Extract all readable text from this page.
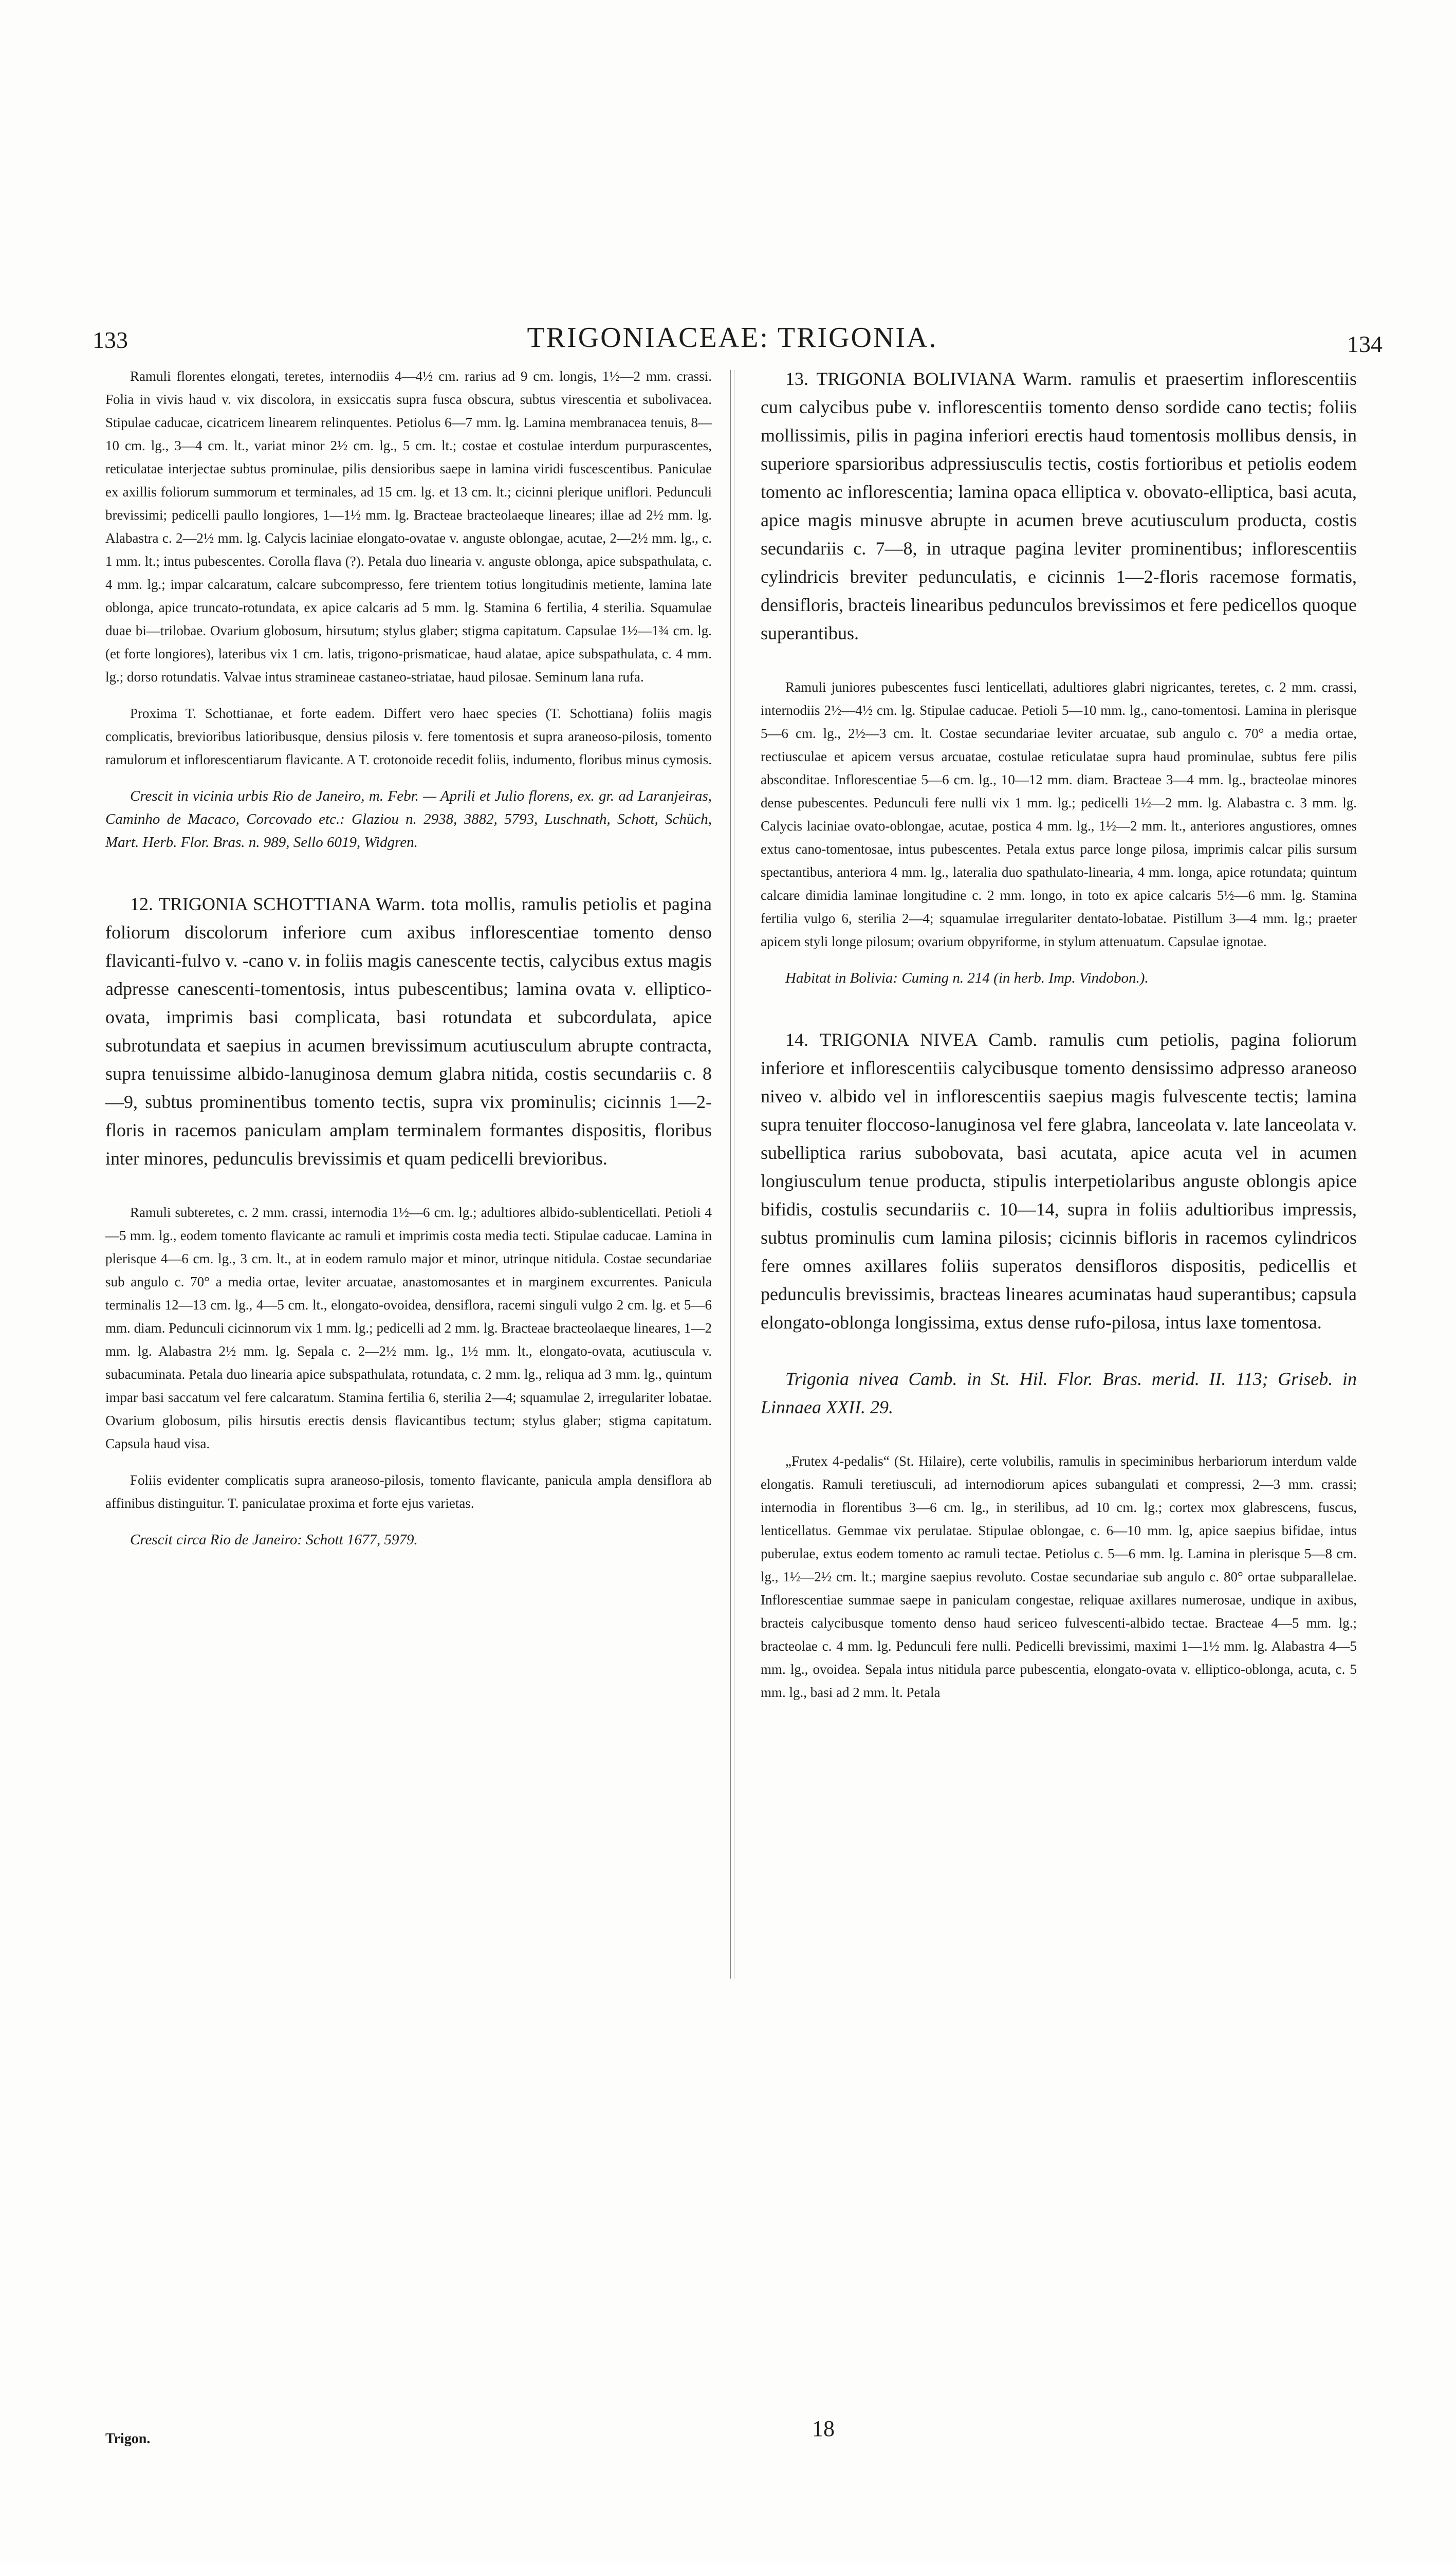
133	TRIGONIACEAE: TRIGONIA.	134

Ramuli florentes elongati, teretes, internodiis 4—4½ cm. rarius ad 9 cm. longis, 1½—2 mm. crassi. Folia in vivis haud v. vix discolora, in exsiccatis supra fusca obscura, subtus virescentia et subolivacea. Stipulae caducae, cicatricem linearem relinquentes. Petiolus 6—7 mm. lg. Lamina membranacea tenuis, 8—10 cm. lg., 3—4 cm. lt., variat minor 2½ cm. lg., 5 cm. lt.; costae et costulae interdum purpurascentes, reticulatae interjectae subtus prominulae, pilis densioribus saepe in lamina viridi fuscescentibus. Paniculae ex axillis foliorum summorum et terminales, ad 15 cm. lg. et 13 cm. lt.; cicinni plerique uniflori. Pedunculi brevissimi; pedicelli paullo longiores, 1—1½ mm. lg. Bracteae bracteolaeque lineares; illae ad 2½ mm. lg. Alabastra c. 2—2½ mm. lg. Calycis laciniae elongato-ovatae v. anguste oblongae, acutae, 2—2½ mm. lg., c. 1 mm. lt.; intus pubescentes. Corolla flava (?). Petala duo linearia v. anguste oblonga, apice subspathulata, c. 4 mm. lg.; impar calcaratum, calcare subcompresso, fere trientem totius longitudinis metiente, lamina late oblonga, apice truncato-rotundata, ex apice calcaris ad 5 mm. lg. Stamina 6 fertilia, 4 sterilia. Squamulae duae bi—trilobae. Ovarium globosum, hirsutum; stylus glaber; stigma capitatum. Capsulae 1½—1¾ cm. lg. (et forte longiores), lateribus vix 1 cm. latis, trigono-prismaticae, haud alatae, apice subspathulata, c. 4 mm. lg.; dorso rotundatis. Valvae intus stramineae castaneo-striatae, haud pilosae. Seminum lana rufa.

Proxima T. Schottianae, et forte eadem. Differt vero haec species (T. Schottiana) foliis magis complicatis, brevioribus latioribusque, densius pilosis v. fere tomentosis et supra araneoso-pilosis, tomento ramulorum et inflorescentiarum flavicante. A T. crotonoide recedit foliis, indumento, floribus minus cymosis.

Crescit in vicinia urbis Rio de Janeiro, m. Febr. — Aprili et Julio florens, ex. gr. ad Laranjeiras, Caminho de Macaco, Corcovado etc.: Glaziou n. 2938, 3882, 5793, Luschnath, Schott, Schüch, Mart. Herb. Flor. Bras. n. 989, Sello 6019, Widgren.

12. TRIGONIA SCHOTTIANA Warm. tota mollis, ramulis petiolis et pagina foliorum discolorum inferiore cum axibus inflorescentiae tomento denso flavicanti-fulvo v. -cano v. in foliis magis canescente tectis, calycibus extus magis adpresse canescenti-tomentosis, intus pubescentibus; lamina ovata v. elliptico-ovata, imprimis basi complicata, basi rotundata et subcordulata, apice subrotundata et saepius in acumen brevissimum acutiusculum abrupte contracta, supra tenuissime albido-lanuginosa demum glabra nitida, costis secundariis c. 8—9, subtus prominentibus tomento tectis, supra vix prominulis; cicinnis 1—2-floris in racemos paniculam amplam terminalem formantes dispositis, floribus inter minores, pedunculis brevissimis et quam pedicelli brevioribus.

Ramuli subteretes, c. 2 mm. crassi, internodia 1½—6 cm. lg.; adultiores albido-sublenticellati. Petioli 4—5 mm. lg., eodem tomento flavicante ac ramuli et imprimis costa media tecti. Stipulae caducae. Lamina in plerisque 4—6 cm. lg., 3 cm. lt., at in eodem ramulo major et minor, utrinque nitidula. Costae secundariae sub angulo c. 70° a media ortae, leviter arcuatae, anastomosantes et in marginem excurrentes. Panicula terminalis 12—13 cm. lg., 4—5 cm. lt., elongato-ovoidea, densiflora, racemi singuli vulgo 2 cm. lg. et 5—6 mm. diam. Pedunculi cicinnorum vix 1 mm. lg.; pedicelli ad 2 mm. lg. Bracteae bracteolaeque lineares, 1—2 mm. lg. Alabastra 2½ mm. lg. Sepala c. 2—2½ mm. lg., 1½ mm. lt., elongato-ovata, acutiuscula v. subacuminata. Petala duo linearia apice subspathulata, rotundata, c. 2 mm. lg., reliqua ad 3 mm. lg., quintum impar basi saccatum vel fere calcaratum. Stamina fertilia 6, sterilia 2—4; squamulae 2, irregulariter lobatae. Ovarium globosum, pilis hirsutis erectis densis flavicantibus tectum; stylus glaber; stigma capitatum. Capsula haud visa.

Foliis evidenter complicatis supra araneoso-pilosis, tomento flavicante, panicula ampla densiflora ab affinibus distinguitur. T. paniculatae proxima et forte ejus varietas.

Crescit circa Rio de Janeiro: Schott 1677, 5979.

13. TRIGONIA BOLIVIANA Warm. ramulis et praesertim inflorescentiis cum calycibus pube v. inflorescentiis tomento denso sordide cano tectis; foliis mollissimis, pilis in pagina inferiori erectis haud tomentosis mollibus densis, in superiore sparsioribus adpressiusculis tectis, costis fortioribus et petiolis eodem tomento ac inflorescentia; lamina opaca elliptica v. obovato-elliptica, basi acuta, apice magis minusve abrupte in acumen breve acutiusculum producta, costis secundariis c. 7—8, in utraque pagina leviter prominentibus; inflorescentiis cylindricis breviter pedunculatis, e cicinnis 1—2-floris racemose formatis, densifloris, bracteis linearibus pedunculos brevissimos et fere pedicellos quoque superantibus.

Ramuli juniores pubescentes fusci lenticellati, adultiores glabri nigricantes, teretes, c. 2 mm. crassi, internodiis 2½—4½ cm. lg. Stipulae caducae. Petioli 5—10 mm. lg., cano-tomentosi. Lamina in plerisque 5—6 cm. lg., 2½—3 cm. lt. Costae secundariae leviter arcuatae, sub angulo c. 70° a media ortae, rectiusculae et apicem versus arcuatae, costulae reticulatae supra haud prominulae, subtus fere pilis absconditae. Inflorescentiae 5—6 cm. lg., 10—12 mm. diam. Bracteae 3—4 mm. lg., bracteolae minores dense pubescentes. Pedunculi fere nulli vix 1 mm. lg.; pedicelli 1½—2 mm. lg. Alabastra c. 3 mm. lg. Calycis laciniae ovato-oblongae, acutae, postica 4 mm. lg., 1½—2 mm. lt., anteriores angustiores, omnes extus cano-tomentosae, intus pubescentes. Petala extus parce longe pilosa, imprimis calcar pilis sursum spectantibus, anteriora 4 mm. lg., lateralia duo spathulato-linearia, 4 mm. longa, apice rotundata; quintum calcare dimidia laminae longitudine c. 2 mm. longo, in toto ex apice calcaris 5½—6 mm. lg. Stamina fertilia vulgo 6, sterilia 2—4; squamulae irregulariter dentato-lobatae. Pistillum 3—4 mm. lg.; praeter apicem styli longe pilosum; ovarium obpyriforme, in stylum attenuatum. Capsulae ignotae.

Habitat in Bolivia: Cuming n. 214 (in herb. Imp. Vindobon.).

14. TRIGONIA NIVEA Camb. ramulis cum petiolis, pagina foliorum inferiore et inflorescentiis calycibusque tomento densissimo adpresso araneoso niveo v. albido vel in inflorescentiis saepius magis fulvescente tectis; lamina supra tenuiter floccoso-lanuginosa vel fere glabra, lanceolata v. late lanceolata v. subelliptica rarius subobovata, basi acutata, apice acuta vel in acumen longiusculum tenue producta, stipulis interpetiolaribus anguste oblongis apice bifidis, costulis secundariis c. 10—14, supra in foliis adultioribus impressis, subtus prominulis cum lamina pilosis; cicinnis bifloris in racemos cylindricos fere omnes axillares foliis superatos densifloros dispositis, pedicellis et pedunculis brevissimis, bracteas lineares acuminatas haud superantibus; capsula elongato-oblonga longissima, extus dense rufo-pilosa, intus laxe tomentosa.

Trigonia nivea Camb. in St. Hil. Flor. Bras. merid. II. 113; Griseb. in Linnaea XXII. 29.

„Frutex 4-pedalis“ (St. Hilaire), certe volubilis, ramulis in speciminibus herbariorum interdum valde elongatis. Ramuli teretiusculi, ad internodiorum apices subangulati et compressi, 2—3 mm. crassi; internodia in florentibus 3—6 cm. lg., in sterilibus, ad 10 cm. lg.; cortex mox glabrescens, fuscus, lenticellatus. Gemmae vix perulatae. Stipulae oblongae, c. 6—10 mm. lg, apice saepius bifidae, intus puberulae, extus eodem tomento ac ramuli tectae. Petiolus c. 5—6 mm. lg. Lamina in plerisque 5—8 cm. lg., 1½—2½ cm. lt.; margine saepius revoluto. Costae secundariae sub angulo c. 80° ortae subparallelae. Inflorescentiae summae saepe in paniculam congestae, reliquae axillares numerosae, undique in axibus, bracteis calycibusque tomento denso haud sericeo fulvescenti-albido tectae. Bracteae 4—5 mm. lg.; bracteolae c. 4 mm. lg. Pedunculi fere nulli. Pedicelli brevissimi, maximi 1—1½ mm. lg. Alabastra 4—5 mm. lg., ovoidea. Sepala intus nitidula parce pubescentia, elongato-ovata v. elliptico-oblonga, acuta, c. 5 mm. lg., basi ad 2 mm. lt. Petala

Trigon.	18
